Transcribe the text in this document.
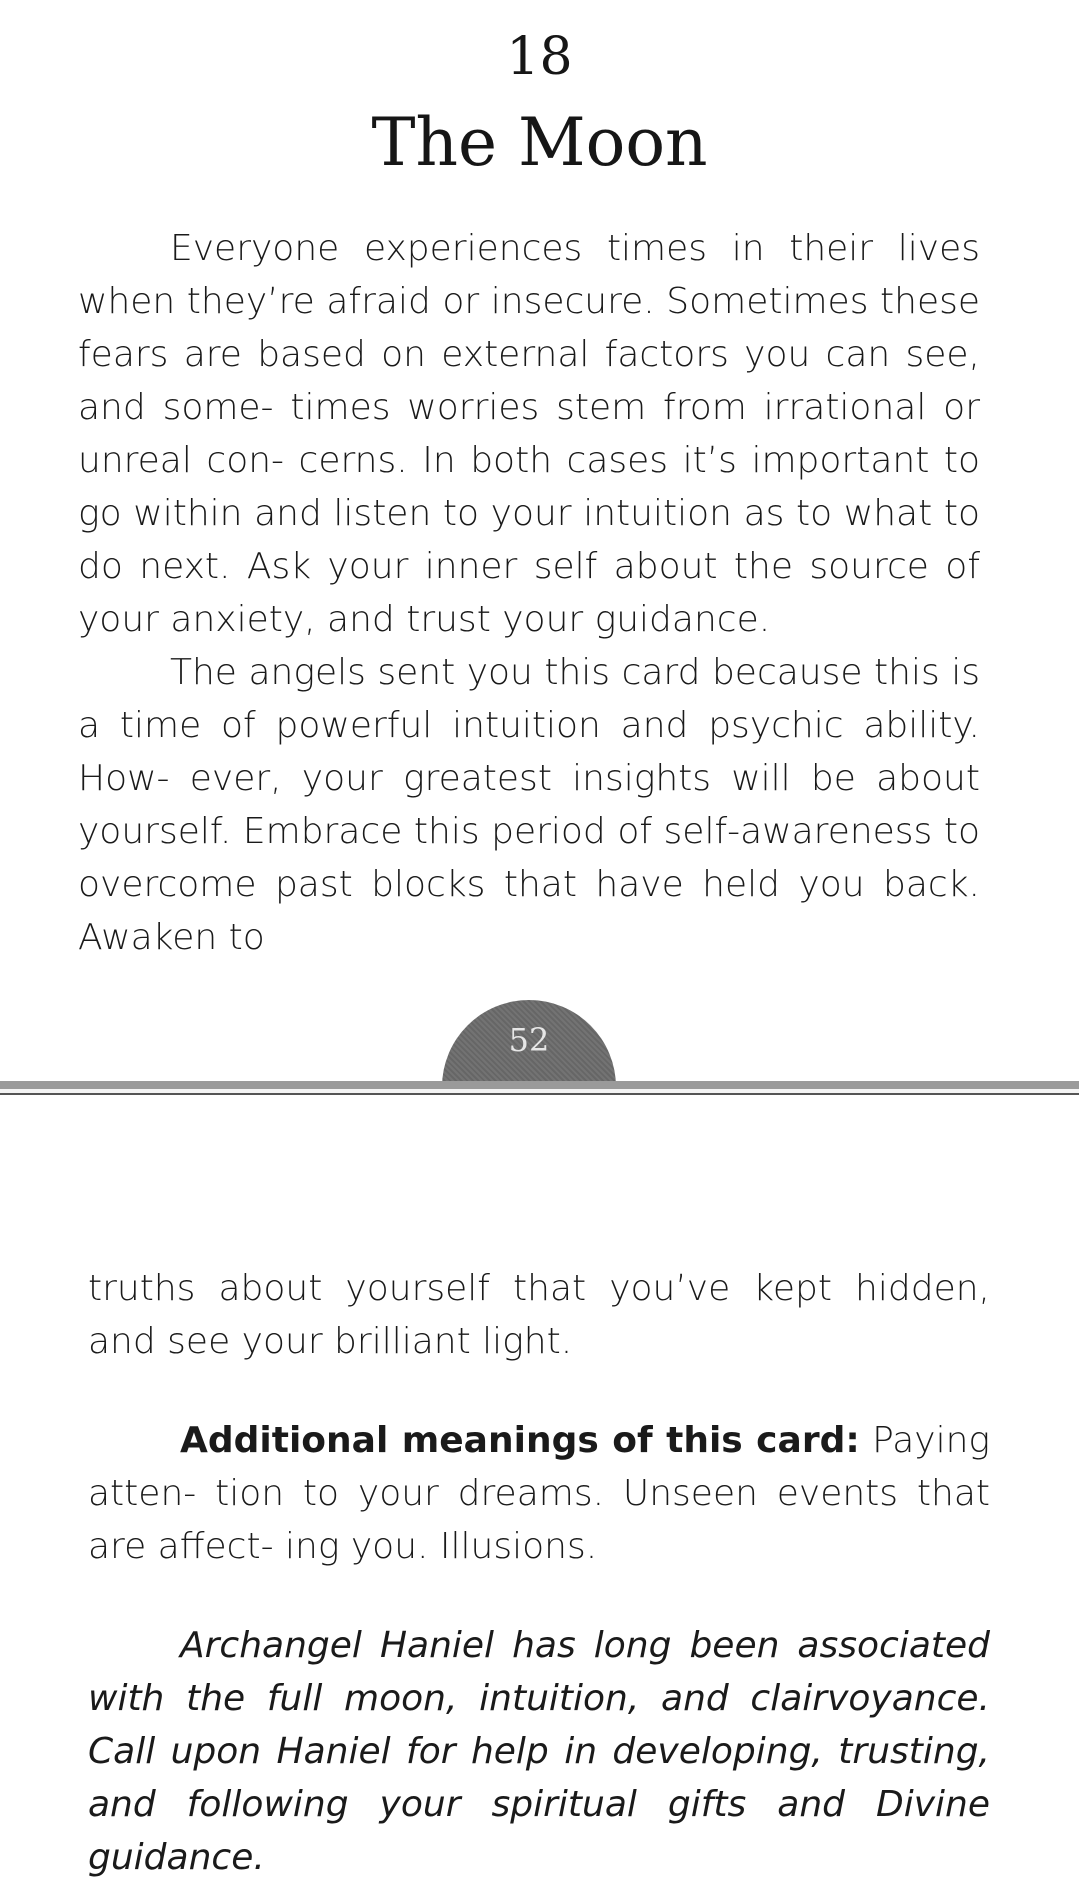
18
The Moon

Everyone experiences times in their lives when they’re afraid or insecure. Sometimes these fears are based on external factors you can see, and some- times worries stem from irrational or unreal con- cerns. In both cases it’s important to go within and listen to your intuition as to what to do next. Ask your inner self about the source of your anxiety, and trust your guidance.

The angels sent you this card because this is a time of powerful intuition and psychic ability. How- ever, your greatest insights will be about yourself. Embrace this period of self-awareness to overcome past blocks that have held you back. Awaken to

52

truths about yourself that you’ve kept hidden, and see your brilliant light.

Additional meanings of this card: Paying atten- tion to your dreams. Unseen events that are affect- ing you. Illusions.

Archangel Haniel has long been associated with the full moon, intuition, and clairvoyance. Call upon Haniel for help in developing, trusting, and following your spiritual gifts and Divine guidance.
